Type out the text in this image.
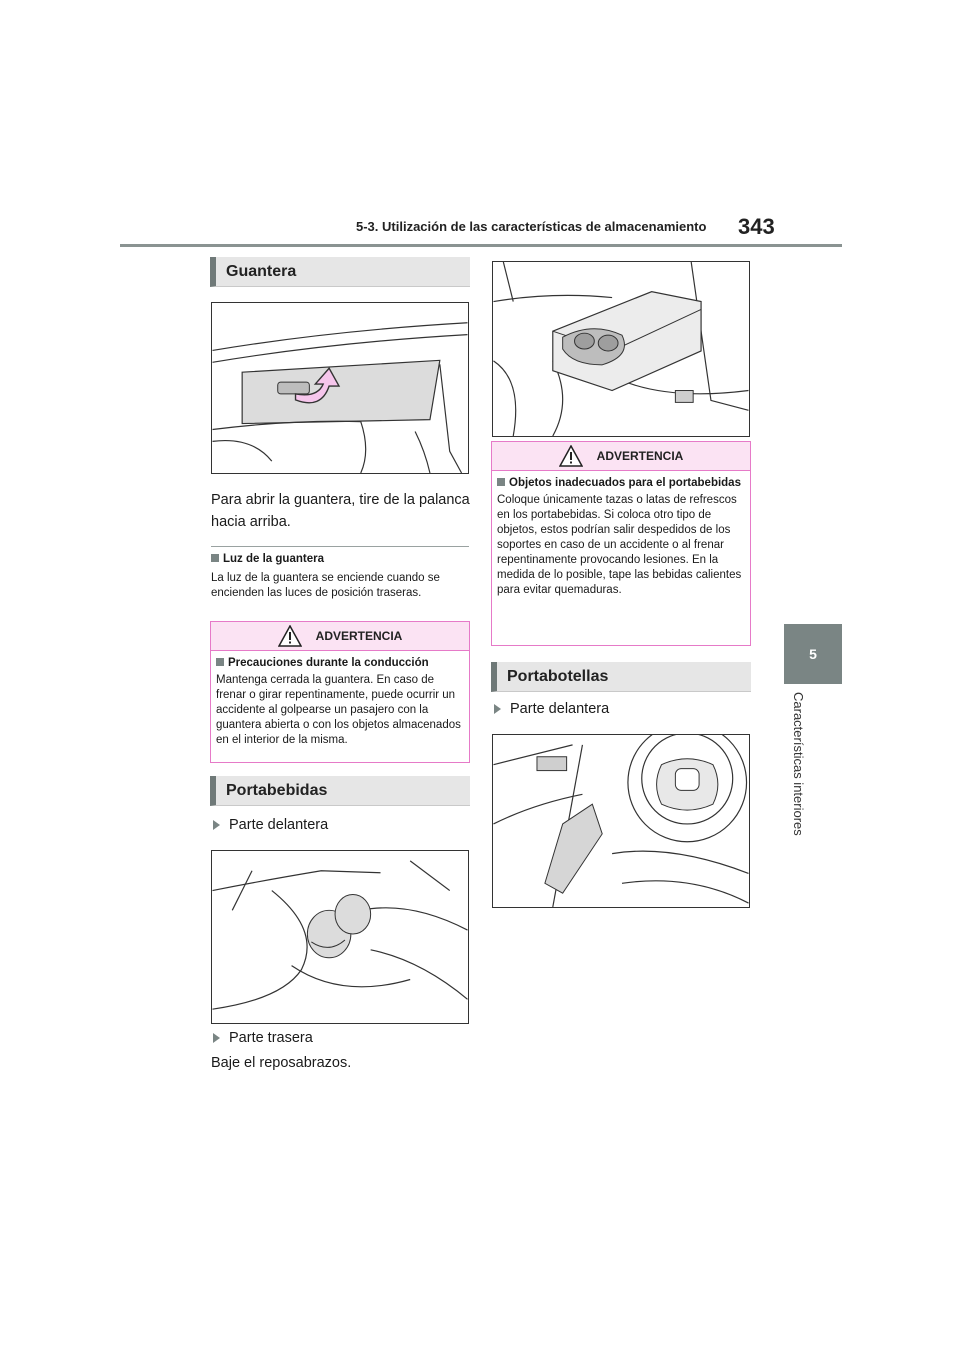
5-3. Utilización de las características de almacenamiento 343
5
Características interiores
Guantera
Para abrir la guantera, tire de la palanca hacia arriba.
Luz de la guantera
La luz de la guantera se enciende cuando se encienden las luces de posición traseras.
ADVERTENCIA
Precauciones durante la conducción
Mantenga cerrada la guantera. En caso de frenar o girar repentinamente, puede ocurrir un accidente al golpearse un pasajero con la guantera abierta o con los objetos almacenados en el interior de la misma.
Portabebidas
Parte delantera
Parte trasera
Baje el reposabrazos.
ADVERTENCIA
Objetos inadecuados para el portabebidas
Coloque únicamente tazas o latas de refrescos en los portabebidas. Si coloca otro tipo de objetos, estos podrían salir despedidos de los soportes en caso de un accidente o al frenar repentinamente provocando lesiones. En la medida de lo posible, tape las bebidas calientes para evitar quemaduras.
Portabotellas
Parte delantera
